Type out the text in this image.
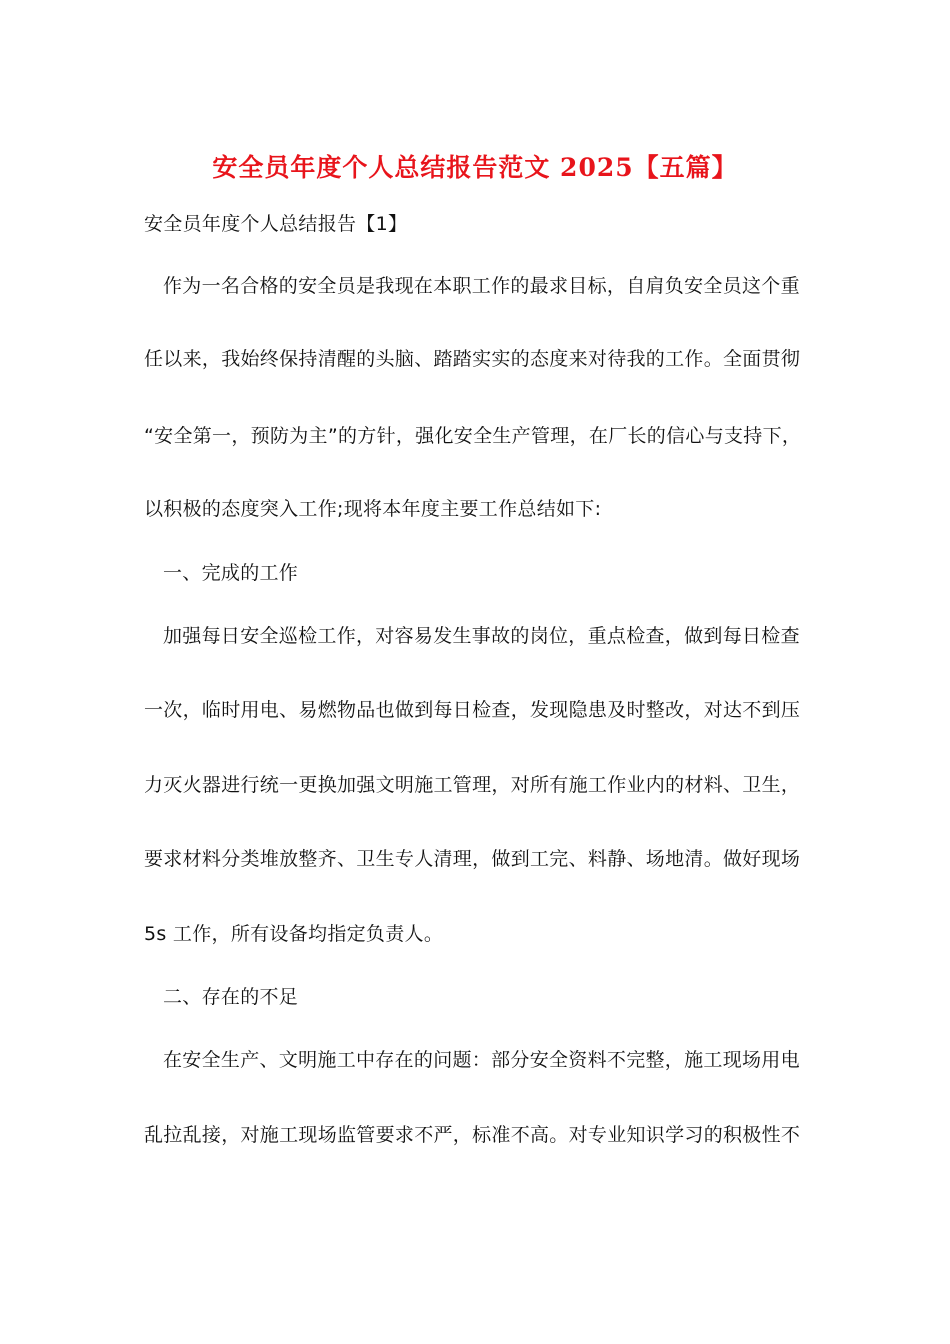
安全员年度个人总结报告范文 2025【五篇】
安全员年度个人总结报告【1】
作为一名合格的安全员是我现在本职工作的最求目标，自肩负安全员这个重
任以来，我始终保持清醒的头脑、踏踏实实的态度来对待我的工作。全面贯彻
“安全第一，预防为主”的方针，强化安全生产管理，在厂长的信心与支持下，
以积极的态度突入工作;现将本年度主要工作总结如下:
一、完成的工作
加强每日安全巡检工作，对容易发生事故的岗位，重点检查，做到每日检查
一次，临时用电、易燃物品也做到每日检查，发现隐患及时整改，对达不到压
力灭火器进行统一更换加强文明施工管理，对所有施工作业内的材料、卫生，
要求材料分类堆放整齐、卫生专人清理，做到工完、料静、场地清。做好现场
5s 工作，所有设备均指定负责人。
二、存在的不足
在安全生产、文明施工中存在的问题：部分安全资料不完整，施工现场用电
乱拉乱接，对施工现场监管要求不严，标准不高。对专业知识学习的积极性不
